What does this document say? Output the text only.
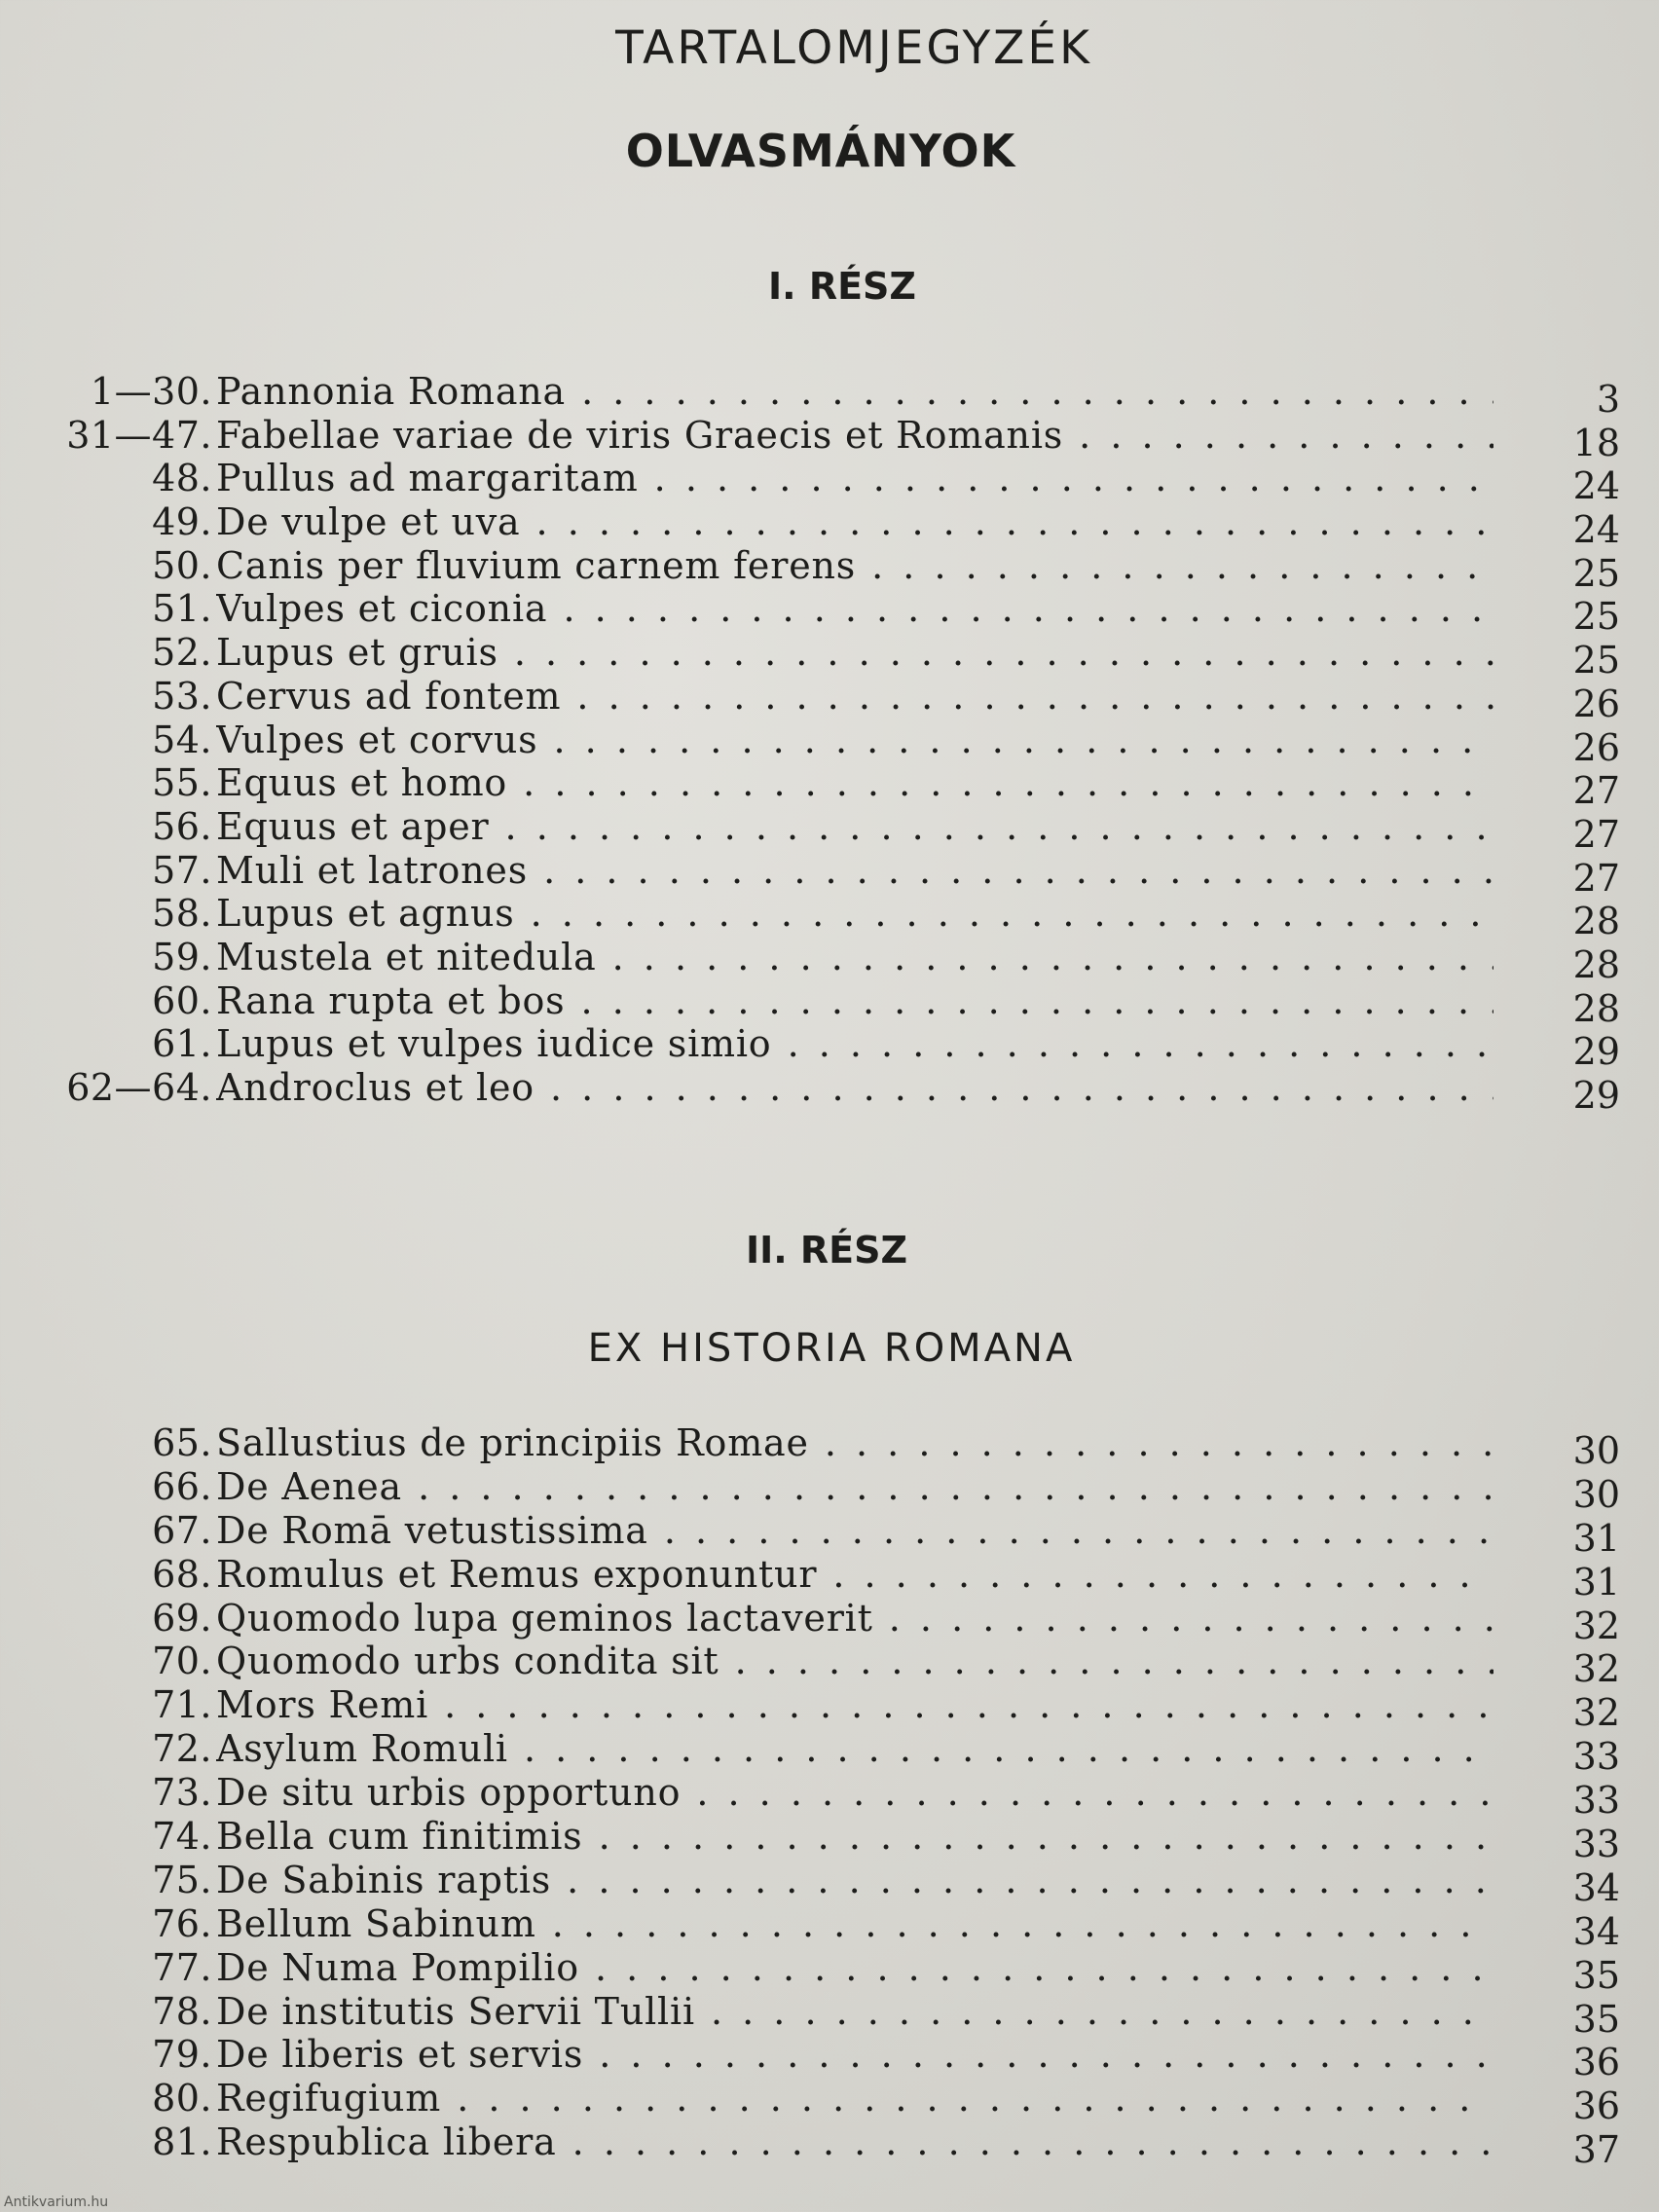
TARTALOMJEGYZÉK
OLVASMÁNYOK
I. RÉSZ
1—30. Pannonia Romana . . .	3
31—47. Fabellae variae de viris Graecis et Romanis . . .	18
48. Pullus ad margaritam . . .	24
49. De vulpe et uva . . .	24
50. Canis per fluvium carnem ferens . . .	25
51. Vulpes et ciconia . . .	25
52. Lupus et gruis . . .	25
53. Cervus ad fontem . . .	26
54. Vulpes et corvus . . .	26
55. Equus et homo . . .	27
56. Equus et aper . . .	27
57. Muli et latrones . . .	27
58. Lupus et agnus . . .	28
59. Mustela et nitedula . . .	28
60. Rana rupta et bos . . .	28
61. Lupus et vulpes iudice simio . . .	29
62—64. Androclus et leo . . .	29
II. RÉSZ
EX HISTORIA ROMANA
65. Sallustius de principiis Romae . . .	30
66. De Aenea . . .	30
67. De Romā vetustissima . . .	31
68. Romulus et Remus exponuntur . . .	31
69. Quomodo lupa geminos lactaverit . . .	32
70. Quomodo urbs condita sit . . .	32
71. Mors Remi . . .	32
72. Asylum Romuli . . .	33
73. De situ urbis opportuno . . .	33
74. Bella cum finitimis . . .	33
75. De Sabinis raptis . . .	34
76. Bellum Sabinum . . .	34
77. De Numa Pompilio . . .	35
78. De institutis Servii Tullii . . .	35
79. De liberis et servis . . .	36
80. Regifugium . . .	36
81. Respublica libera . . .	37
Antikvarium.hu
